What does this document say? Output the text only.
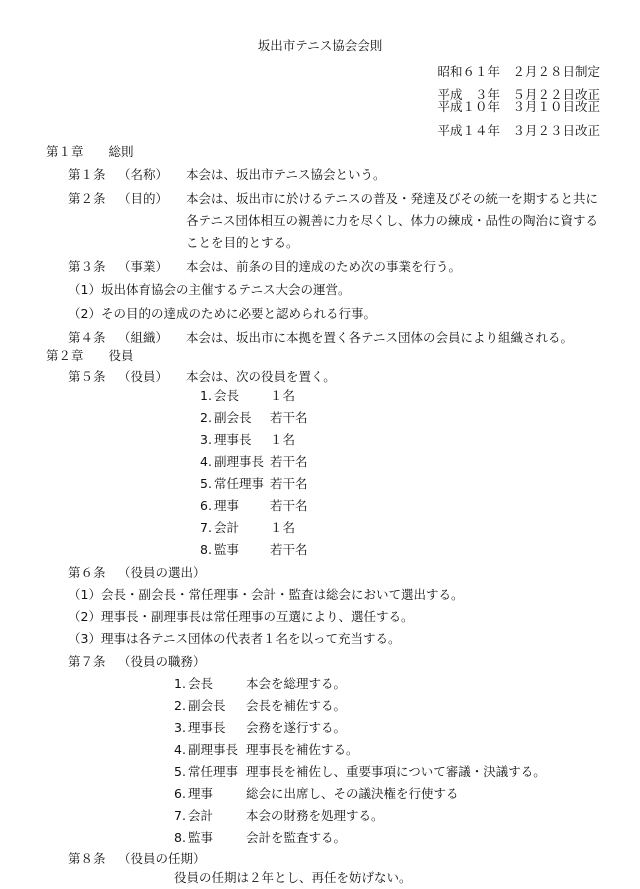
坂出市テニス協会会則
昭和６１年　２月２８日制定
平成　３年　５月２２日改正
平成１０年　３月１０日改正
平成１４年　３月２３日改正
第１章　　総則
第１条 （名称） 本会は、坂出市テニス協会という。
第２条 （目的） 本会は、坂出市に於けるテニスの普及・発達及びその統一を期すると共に
各テニス団体相互の親善に力を尽くし、体力の練成・品性の陶治に資する
ことを目的とする。
第３条 （事業） 本会は、前条の目的達成のため次の事業を行う。
（1）坂出体育協会の主催するテニス大会の運営。
（2）その目的の達成のために必要と認められる行事。
第４条 （組織） 本会は、坂出市に本拠を置く各テニス団体の会員により組織される。
第２章　　役員
第５条 （役員） 本会は、次の役員を置く。
1. 会長 １名
2. 副会長 若干名
3. 理事長 １名
4. 副理事長 若干名
5. 常任理事 若干名
6. 理事 若干名
7. 会計 １名
8. 監事 若干名
第６条 （役員の選出）
（1）会長・副会長・常任理事・会計・監査は総会において選出する。
（2）理事長・副理事長は常任理事の互選により、選任する。
（3）理事は各テニス団体の代表者１名を以って充当する。
第７条 （役員の職務）
1. 会長	本会を総理する。
2. 副会長 会長を補佐する。
3. 理事長 会務を遂行する。
4. 副理事長 理事長を補佐する。
5. 常任理事 理事長を補佐し、重要事項について審議・決議する。
6. 理事	総会に出席し、その議決権を行使する
7. 会計	本会の財務を処理する。
8. 監事	会計を監査する。
第８条 （役員の任期）
役員の任期は２年とし、再任を妨げない。
